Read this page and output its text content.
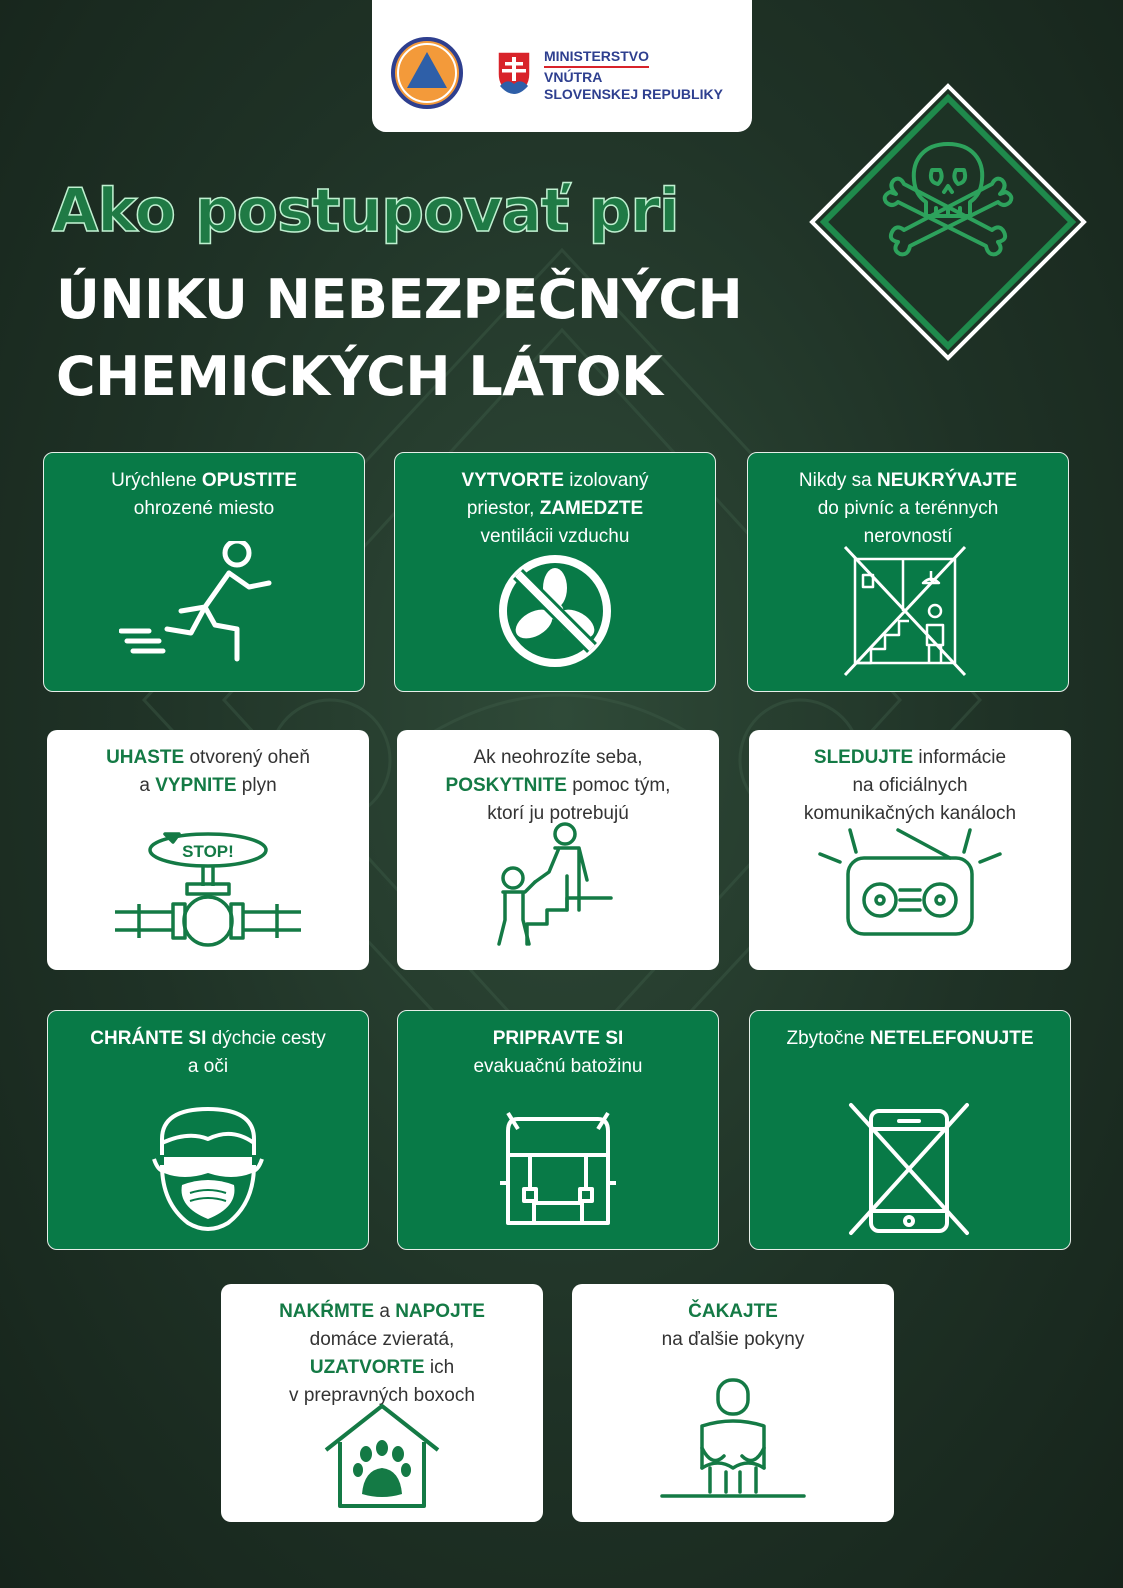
MINISTERSTVO
VNÚTRA
SLOVENSKEJ REPUBLIKY
Ako postupovať pri
ÚNIKU NEBEZPEČNÝCH
CHEMICKÝCH LÁTOK

Urýchlene OPUSTITE
ohrozené miesto

VYTVORTE izolovaný
priestor, ZAMEDZTE
ventilácii vzduchu

Nikdy sa NEUKRÝVAJTE
do pivníc a terénnych
nerovností

UHASTE otvorený oheň
a VYPNITE plyn

STOP!

Ak neohrozíte seba,
POSKYTNITE pomoc tým,
ktorí ju potrebujú

SLEDUJTE informácie
na oficiálnych
komunikačných kanáloch

CHRÁNTE SI dýchcie cesty
a oči

PRIPRAVTE SI
evakuačnú batožinu

Zbytočne NETELEFONUJTE

NAKŔMTE a NAPOJTE
domáce zvieratá,
UZATVORTE ich
v prepravných boxoch

ČAKAJTE
na ďalšie pokyny
